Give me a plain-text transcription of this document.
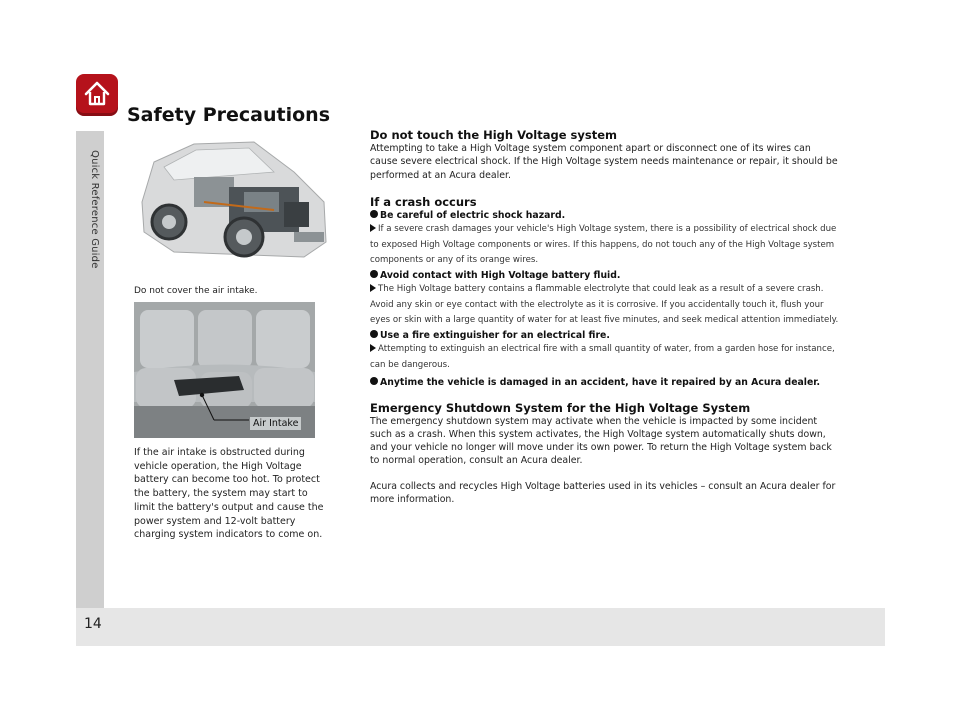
Quick Reference Guide
Safety Precautions
Do not cover the air intake.
Air Intake
If the air intake is obstructed during vehicle operation, the High Voltage battery can become too hot. To protect the battery, the system may start to limit the battery's output and cause the power system and 12-volt battery charging system indicators to come on.
Do not touch the High Voltage system
Attempting to take a High Voltage system component apart or disconnect one of its wires can cause severe electrical shock. If the High Voltage system needs maintenance or repair, it should be performed at an Acura dealer.
If a crash occurs
Be careful of electric shock hazard.
If a severe crash damages your vehicle's High Voltage system, there is a possibility of electrical shock due to exposed High Voltage components or wires. If this happens, do not touch any of the High Voltage system components or any of its orange wires.
Avoid contact with High Voltage battery fluid.
The High Voltage battery contains a flammable electrolyte that could leak as a result of a severe crash. Avoid any skin or eye contact with the electrolyte as it is corrosive. If you accidentally touch it, flush your eyes or skin with a large quantity of water for at least five minutes, and seek medical attention immediately.
Use a fire extinguisher for an electrical fire.
Attempting to extinguish an electrical fire with a small quantity of water, from a garden hose for instance, can be dangerous.
Anytime the vehicle is damaged in an accident, have it repaired by an Acura dealer.
Emergency Shutdown System for the High Voltage System
The emergency shutdown system may activate when the vehicle is impacted by some incident such as a crash. When this system activates, the High Voltage system automatically shuts down, and your vehicle no longer will move under its own power. To return the High Voltage system back to normal operation, consult an Acura dealer.
Acura collects and recycles High Voltage batteries used in its vehicles – consult an Acura dealer for more information.
14
